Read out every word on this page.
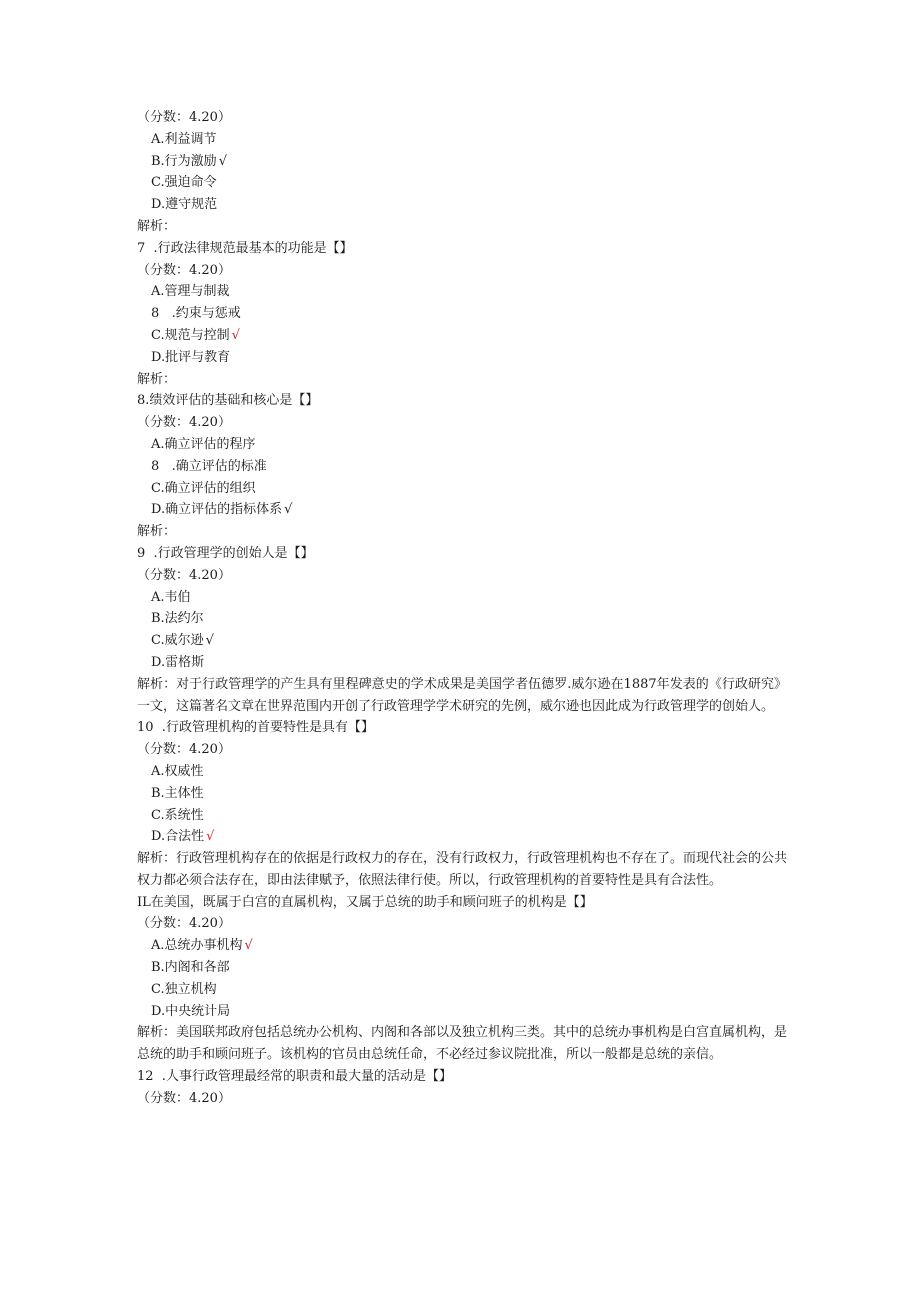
（分数：4.20）
A.利益调节
B.行为激励 √
C.强迫命令
D.遵守规范
解析：
7  .行政法律规范最基本的功能是【】
（分数：4.20）
A.管理与制裁
8   .约束与惩戒
C.规范与控制 √
D.批评与教育
解析：
8.绩效评估的基础和核心是【】
（分数：4.20）
A.确立评估的程序
8   .确立评估的标准
C.确立评估的组织
D.确立评估的指标体系 √
解析：
9  .行政管理学的创始人是【】
（分数：4.20）
A.韦伯
B.法约尔
C.威尔逊 √
D.雷格斯
解析：对于行政管理学的产生具有里程碑意史的学术成果是美国学者伍德罗.威尔逊在1887年发表的《行政研究》一文，这篇著名文章在世界范围内开创了行政管理学学术研究的先例，威尔逊也因此成为行政管理学的创始人。
10  .行政管理机构的首要特性是具有【】
（分数：4.20）
A.权威性
B.主体性
C.系统性
D.合法性 √
解析：行政管理机构存在的依据是行政权力的存在，没有行政权力，行政管理机构也不存在了。而现代社会的公共权力都必须合法存在，即由法律赋予，依照法律行使。所以，行政管理机构的首要特性是具有合法性。
IL在美国，既属于白宫的直属机构，又属于总统的助手和顾问班子的机构是【】
（分数：4.20）
A.总统办事机构 √
B.内阁和各部
C.独立机构
D.中央统计局
解析：美国联邦政府包括总统办公机构、内阁和各部以及独立机构三类。其中的总统办事机构是白宫直属机构，是总统的助手和顾问班子。该机构的官员由总统任命，不必经过参议院批准，所以一般都是总统的亲信。
12  .人事行政管理最经常的职责和最大量的活动是【】
（分数：4.20）
